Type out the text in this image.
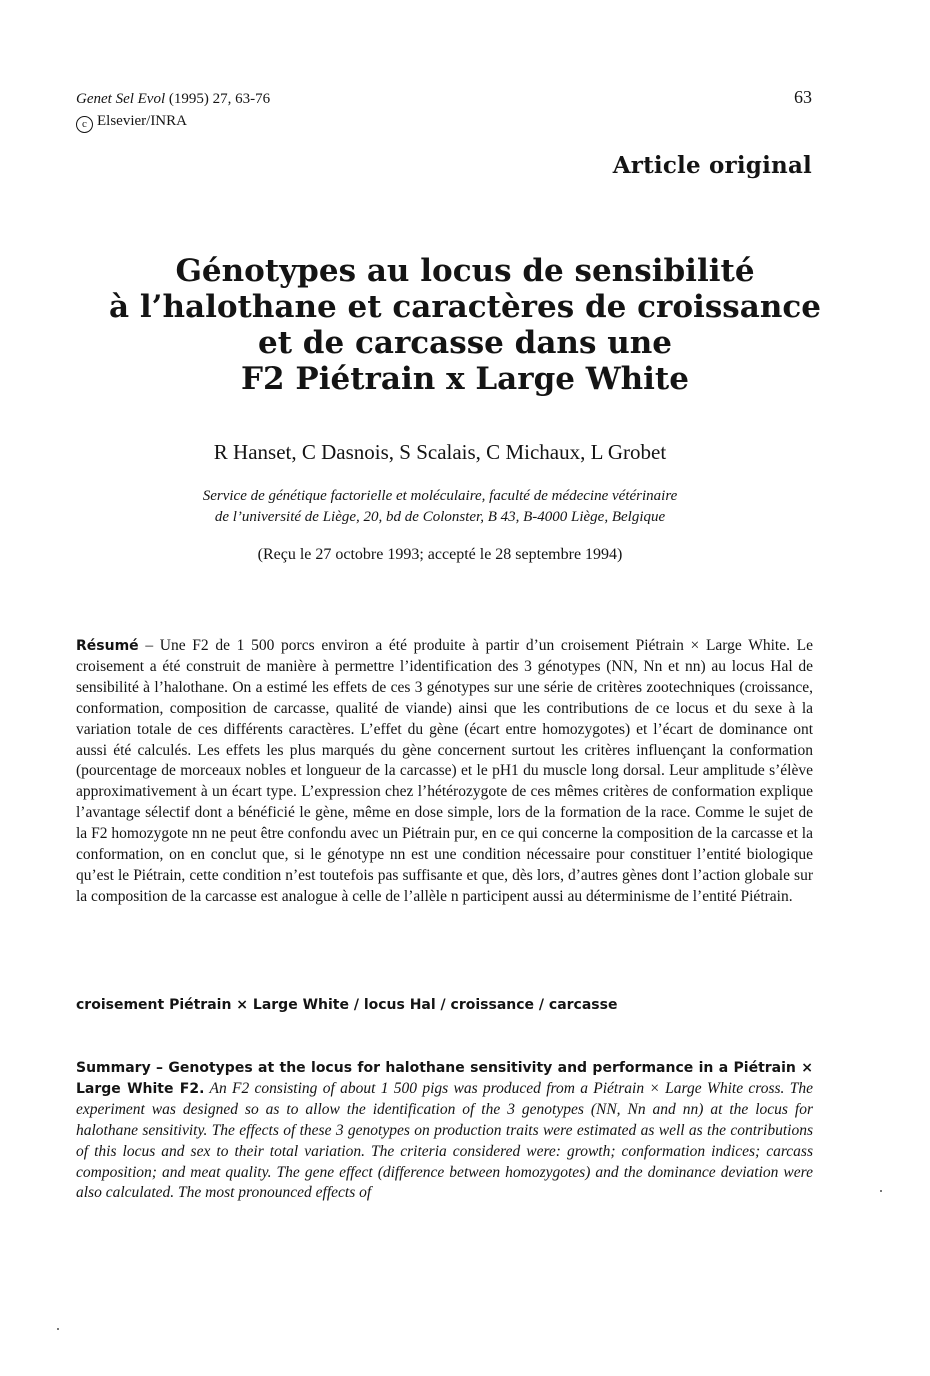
Genet Sel Evol (1995) 27, 63-76
c Elsevier/INRA
63
Article original
Génotypes au locus de sensibilité
à l’halothane et caractères de croissance
et de carcasse dans une
F2 Piétrain x Large White
R Hanset, C Dasnois, S Scalais, C Michaux, L Grobet
Service de génétique factorielle et moléculaire, faculté de médecine vétérinaire
de l’université de Liège, 20, bd de Colonster, B 43, B-4000 Liège, Belgique
(Reçu le 27 octobre 1993; accepté le 28 septembre 1994)
Résumé – Une F2 de 1 500 porcs environ a été produite à partir d’un croisement Piétrain × Large White. Le croisement a été construit de manière à permettre l’identification des 3 génotypes (NN, Nn et nn) au locus Hal de sensibilité à l’halothane. On a estimé les effets de ces 3 génotypes sur une série de critères zootechniques (croissance, conformation, composition de carcasse, qualité de viande) ainsi que les contributions de ce locus et du sexe à la variation totale de ces différents caractères. L’effet du gène (écart entre homozygotes) et l’écart de dominance ont aussi été calculés. Les effets les plus marqués du gène concernent surtout les critères influençant la conformation (pourcentage de morceaux nobles et longueur de la carcasse) et le pH1 du muscle long dorsal. Leur amplitude s’élève approximativement à un écart type. L’expression chez l’hétérozygote de ces mêmes critères de conformation explique l’avantage sélectif dont a bénéficié le gène, même en dose simple, lors de la formation de la race. Comme le sujet de la F2 homozygote nn ne peut être confondu avec un Piétrain pur, en ce qui concerne la composition de la carcasse et la conformation, on en conclut que, si le génotype nn est une condition nécessaire pour constituer l’entité biologique qu’est le Piétrain, cette condition n’est toutefois pas suffisante et que, dès lors, d’autres gènes dont l’action globale sur la composition de la carcasse est analogue à celle de l’allèle n participent aussi au déterminisme de l’entité Piétrain.
croisement Piétrain × Large White / locus Hal / croissance / carcasse
Summary – Genotypes at the locus for halothane sensitivity and performance in a Piétrain × Large White F2. An F2 consisting of about 1 500 pigs was produced from a Piétrain × Large White cross. The experiment was designed so as to allow the identification of the 3 genotypes (NN, Nn and nn) at the locus for halothane sensitivity. The effects of these 3 genotypes on production traits were estimated as well as the contributions of this locus and sex to their total variation. The criteria considered were: growth; conformation indices; carcass composition; and meat quality. The gene effect (difference between homozygotes) and the dominance deviation were also calculated. The most pronounced effects of
